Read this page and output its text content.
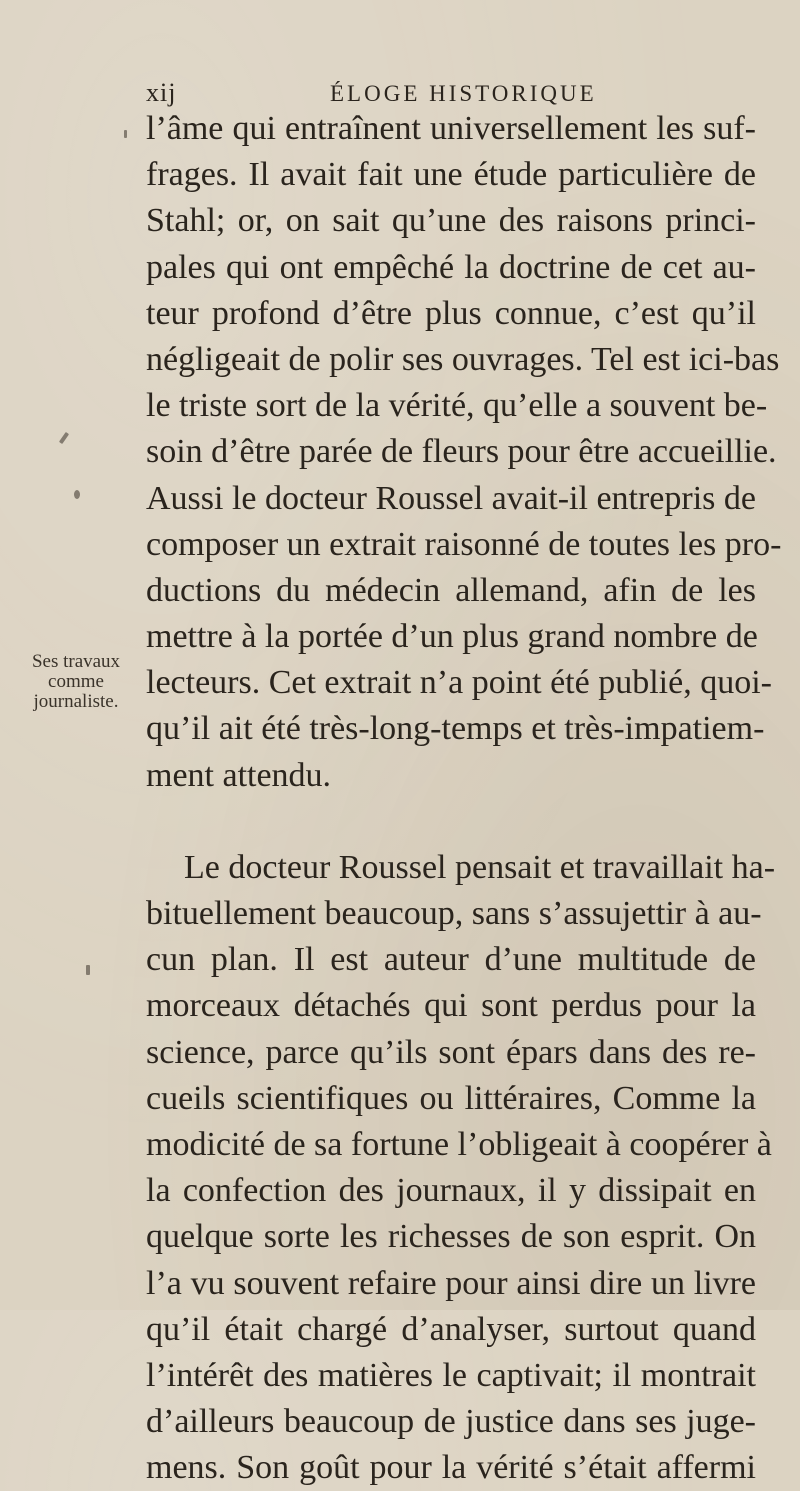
xij	ÉLOGE HISTORIQUE
Ses travaux
comme
journaliste.
l’âme qui entraînent universellement les suf-
frages. Il avait fait une étude particulière de
Stahl; or, on sait qu’une des raisons princi-
pales qui ont empêché la doctrine de cet au-
teur profond d’être plus connue, c’est qu’il
négligeait de polir ses ouvrages. Tel est ici-bas
le triste sort de la vérité, qu’elle a souvent be-
soin d’être parée de fleurs pour être accueillie.
Aussi le docteur Roussel avait-il entrepris de
composer un extrait raisonné de toutes les pro-
ductions du médecin allemand, afin de les
mettre à la portée d’un plus grand nombre de
lecteurs. Cet extrait n’a point été publié, quoi-
qu’il ait été très-long-temps et très-impatiem-
ment attendu.
Le docteur Roussel pensait et travaillait ha-
bituellement beaucoup, sans s’assujettir à au-
cun plan. Il est auteur d’une multitude de
morceaux détachés qui sont perdus pour la
science, parce qu’ils sont épars dans des re-
cueils scientifiques ou littéraires, Comme la
modicité de sa fortune l’obligeait à coopérer à
la confection des journaux, il y dissipait en
quelque sorte les richesses de son esprit. On
l’a vu souvent refaire pour ainsi dire un livre
qu’il était chargé d’analyser, surtout quand
l’intérêt des matières le captivait; il montrait
d’ailleurs beaucoup de justice dans ses juge-
mens. Son goût pour la vérité s’était affermi
